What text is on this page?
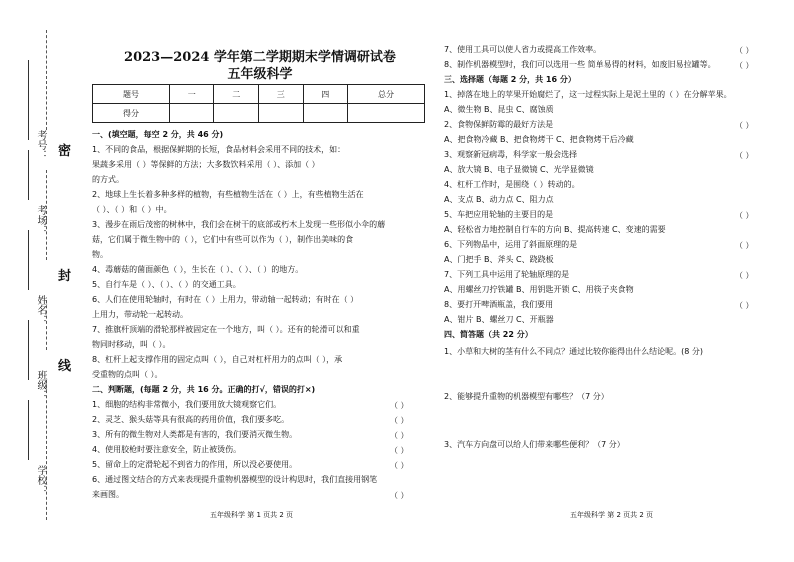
考号：
考场：
姓名：
班级：
学校：
密
封
线
2023—2024 学年第二学期期末学情调研试卷
五年级科学
题号	一	二	三	四	总分
得分					
一、(填空题，每空 2 分，共 46 分)
1、不同的食品，根据保鲜期的长短，食品材料会采用不同的技术，如：
果蔬多采用（ ）等保鲜的方法；大多数饮料采用（ ）、添加（ ）
的方式。
2、地球上生长着多种多样的植物，有些植物生活在（ ）上，有些植物生活在
（ ）、（ ）和（ ）中。
3、漫步在雨后茂密的树林中，我们会在树干的底部或朽木上发现一些形似小伞的蘑
菇，它们属于微生物中的（ ），它们中有些可以作为（ ），制作出美味的食
物。
4、毒蘑菇的菌面颜色（ ），生长在（ ）、（ ）、（ ）的地方。
5、自行车是（ ）、（ ）、（ ）的交通工具。
6、人们在使用轮轴时，有时在（ ）上用力，带动轴一起转动；有时在（ ）
上用力，带动轮一起转动。
7、推旗杆顶端的滑轮那样被固定在一个地方，叫（ ）。还有的轮滑可以和重
物同时移动，叫（ ）。
8、杠杆上起支撑作用的固定点叫（ ），自己对杠杆用力的点叫（ ），承
受重物的点叫（ ）。
二、判断题，(每题 2 分，共 16 分。正确的打√，错误的打×)
1、细胞的结构非常微小，我们要用放大镜观察它们。	（ ）
2、灵芝、猴头菇等具有很高的药用价值，我们要多吃。	（ ）
3、所有的微生物对人类都是有害的，我们要消灭微生物。	（ ）
4、使用胶枪时要注意安全，防止被烫伤。	（ ）
5、留命上的定滑轮起不到省力的作用，所以没必要使用。	（ ）
6、通过图文结合的方式来表现提升重物机器模型的设计构思时，我们直接用钢笔
来画图。	（ ）
五年级科学 第 1 页共 2 页
7、使用工具可以使人省力或提高工作效率。	（ ）
8、制作机器模型时，我们可以选用一些 简单易得的材料，如废旧易拉罐等。 （ ）
三、选择题（每题 2 分，共 16 分）
1、掉落在地上的苹果开始腐烂了，这一过程实际上是泥土里的（ ）在分解苹果。
A、微生物 B、昆虫 C、腐蚀质
2、食物保鲜防霉的最好方法是	（ ）
A、把食物冷藏 B、把食物烤干 C、把食物烤干后冷藏
3、观察新冠病毒，科学家一般会选择	（ ）
A、放大镜 B、电子显微镜 C、光学显微镜
4、杠杆工作时，是围绕（ ）转动的。
A、支点 B、动力点 C、阻力点
5、车把应用轮轴的主要目的是	（ ）
A、轻松省力地控制自行车的方向 B、提高转速 C、变速的需要
6、下列物品中，运用了斜面原理的是	（ ）
A、门把手 B、斧头 C、跷跷板
7、下列工具中运用了轮轴原理的是	（ ）
A、用螺丝刀拧铁罐 B、用钥匙开锁 C、用筷子夹食物
8、要打开啤酒瓶盖，我们要用	（ ）
A、钳片 B、螺丝刀 C、开瓶器
四、简答题（共 22 分）
1、小草和大树的茎有什么不同点？通过比较你能得出什么结论呢。(8 分)
2、能够提升重物的机器模型有哪些？（7 分）
3、汽车方向盘可以给人们带来哪些便利？（7 分）
五年级科学 第 2 页共 2 页
